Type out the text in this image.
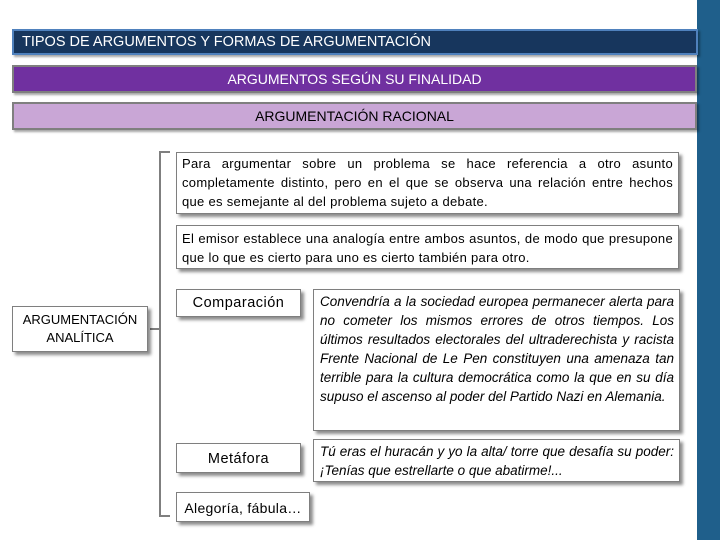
TIPOS DE ARGUMENTOS Y FORMAS DE ARGUMENTACIÓN
ARGUMENTOS SEGÚN SU FINALIDAD
ARGUMENTACIÓN RACIONAL
Para argumentar sobre un problema se hace referencia a otro asunto completamente distinto, pero en el que se observa una relación entre hechos que es semejante al del problema sujeto a debate.
El emisor establece una analogía entre ambos asuntos, de modo que presupone que lo que es cierto para uno es cierto también para otro.
ARGUMENTACIÓN ANALÍTICA
Comparación	Convendría a la sociedad europea permanecer alerta para no cometer los mismos errores de otros tiempos. Los últimos resultados electorales del ultraderechista y racista Frente Nacional de Le Pen constituyen una amenaza tan terrible para la cultura democrática como la que en su día supuso el ascenso al poder del Partido Nazi en Alemania.
Metáfora	Tú eras el huracán y yo la alta/ torre que desafía su poder: ¡Tenías que estrellarte o que abatirme!...
Alegoría, fábula…
